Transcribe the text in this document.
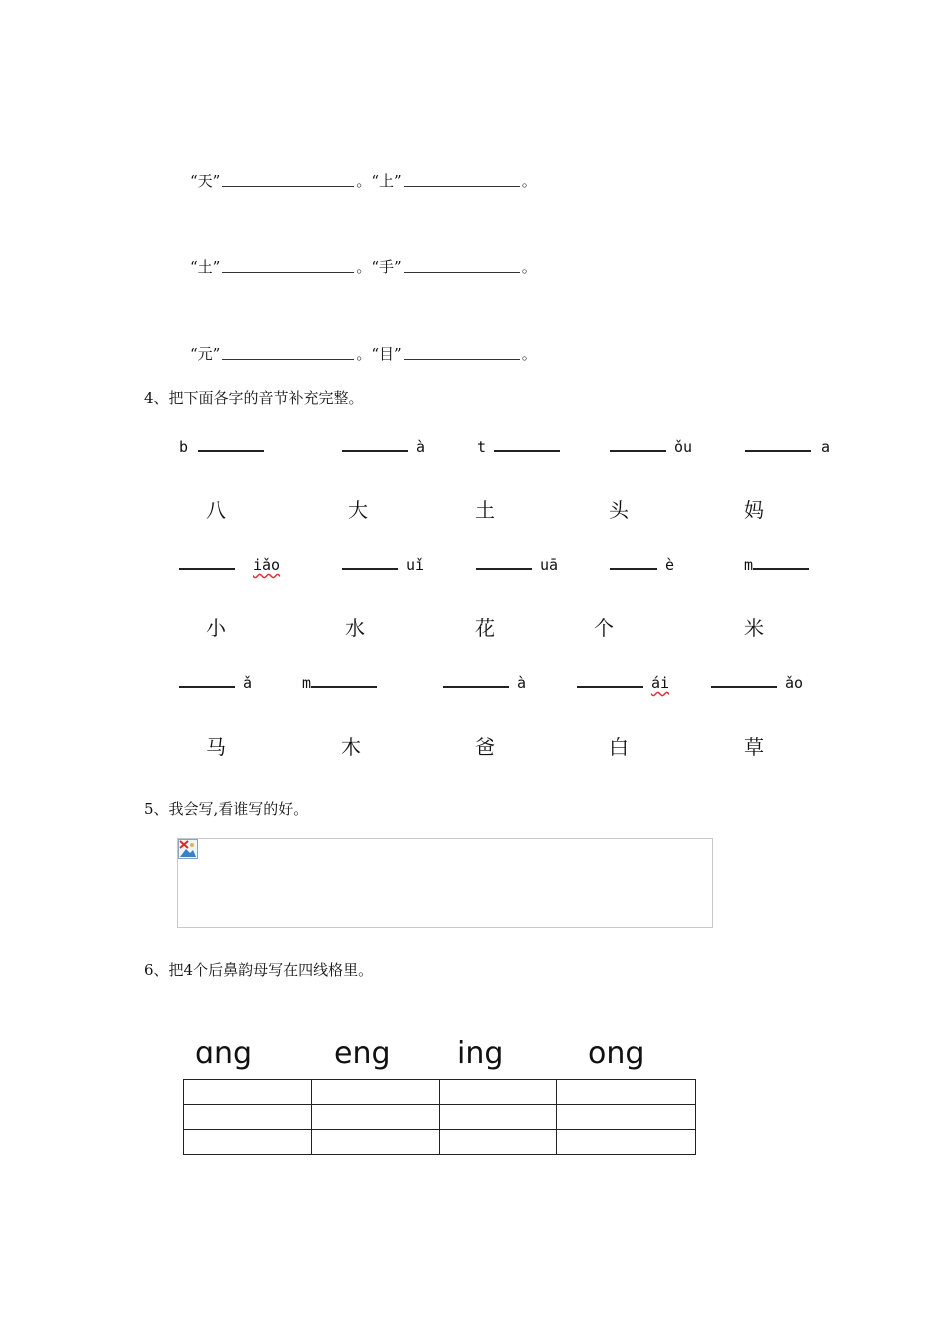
“天”	。 “上”	。
“土”	。 “手”	。
“元”	。 “目”	。
4、把下面各字的音节补充完整。
b	à	t	ǒu	a
八	大	土	头	妈
iǎo	uǐ	uā	è	m
小	水	花	个	米
ǎ	m	à	ái	ǎo
马	木	爸	白	草
5、我会写,看谁写的好。
6、把4个后鼻韵母写在四线格里。
ɑng	eng ing	ong
